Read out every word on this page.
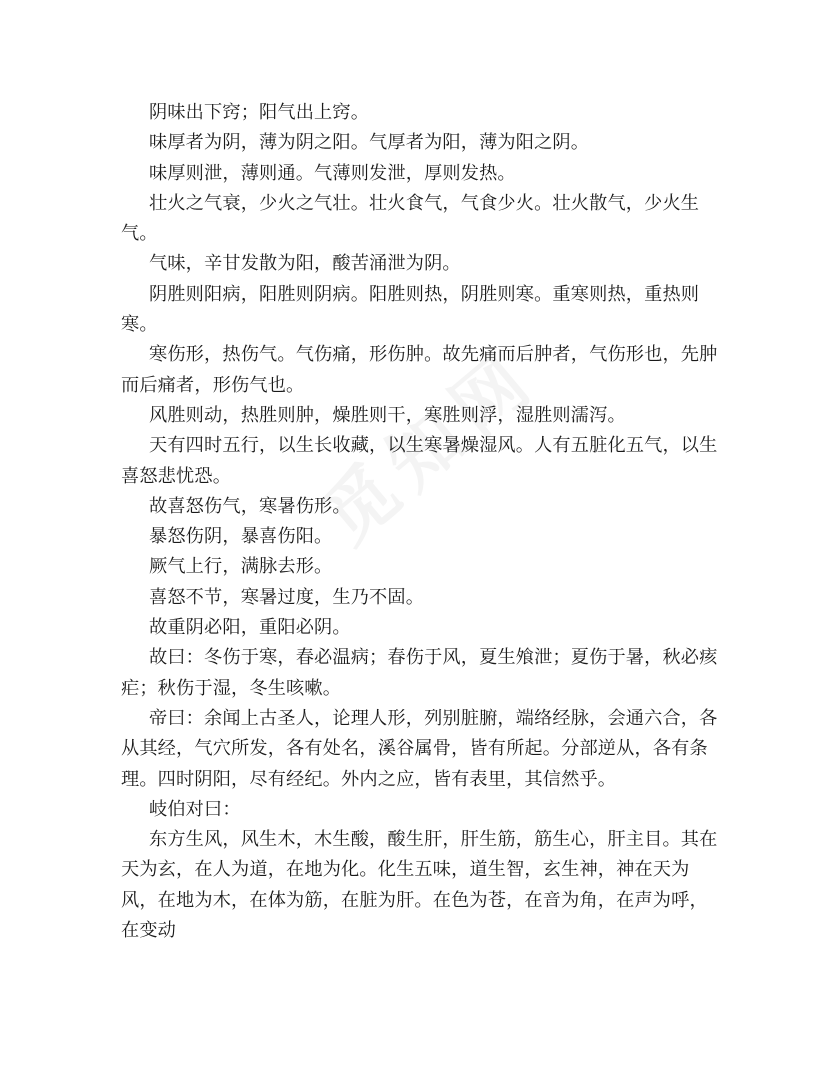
阴味出下窍；阳气出上窍。

味厚者为阴，薄为阴之阳。气厚者为阳，薄为阳之阴。

味厚则泄，薄则通。气薄则发泄，厚则发热。

壮火之气衰，少火之气壮。壮火食气，气食少火。壮火散气，少火生气。

气味，辛甘发散为阳，酸苦涌泄为阴。

阴胜则阳病，阳胜则阴病。阳胜则热，阴胜则寒。重寒则热，重热则寒。

寒伤形，热伤气。气伤痛，形伤肿。故先痛而后肿者，气伤形也，先肿而后痛者，形伤气也。

风胜则动，热胜则肿，燥胜则干，寒胜则浮，湿胜则濡泻。

天有四时五行，以生长收藏，以生寒暑燥湿风。人有五脏化五气，以生喜怒悲忧恐。

故喜怒伤气，寒暑伤形。

暴怒伤阴，暴喜伤阳。

厥气上行，满脉去形。

喜怒不节，寒暑过度，生乃不固。

故重阴必阳，重阳必阴。

故曰：冬伤于寒，春必温病；春伤于风，夏生飧泄；夏伤于暑，秋必痎疟；秋伤于湿，冬生咳嗽。

帝曰：余闻上古圣人，论理人形，列别脏腑，端络经脉，会通六合，各从其经，气穴所发，各有处名，溪谷属骨，皆有所起。分部逆从，各有条理。四时阴阳，尽有经纪。外内之应，皆有表里，其信然乎。

岐伯对曰：

东方生风，风生木，木生酸，酸生肝，肝生筋，筋生心，肝主目。其在天为玄，在人为道，在地为化。化生五味，道生智，玄生神，神在天为风，在地为木，在体为筋，在脏为肝。在色为苍，在音为角，在声为呼，在变动
